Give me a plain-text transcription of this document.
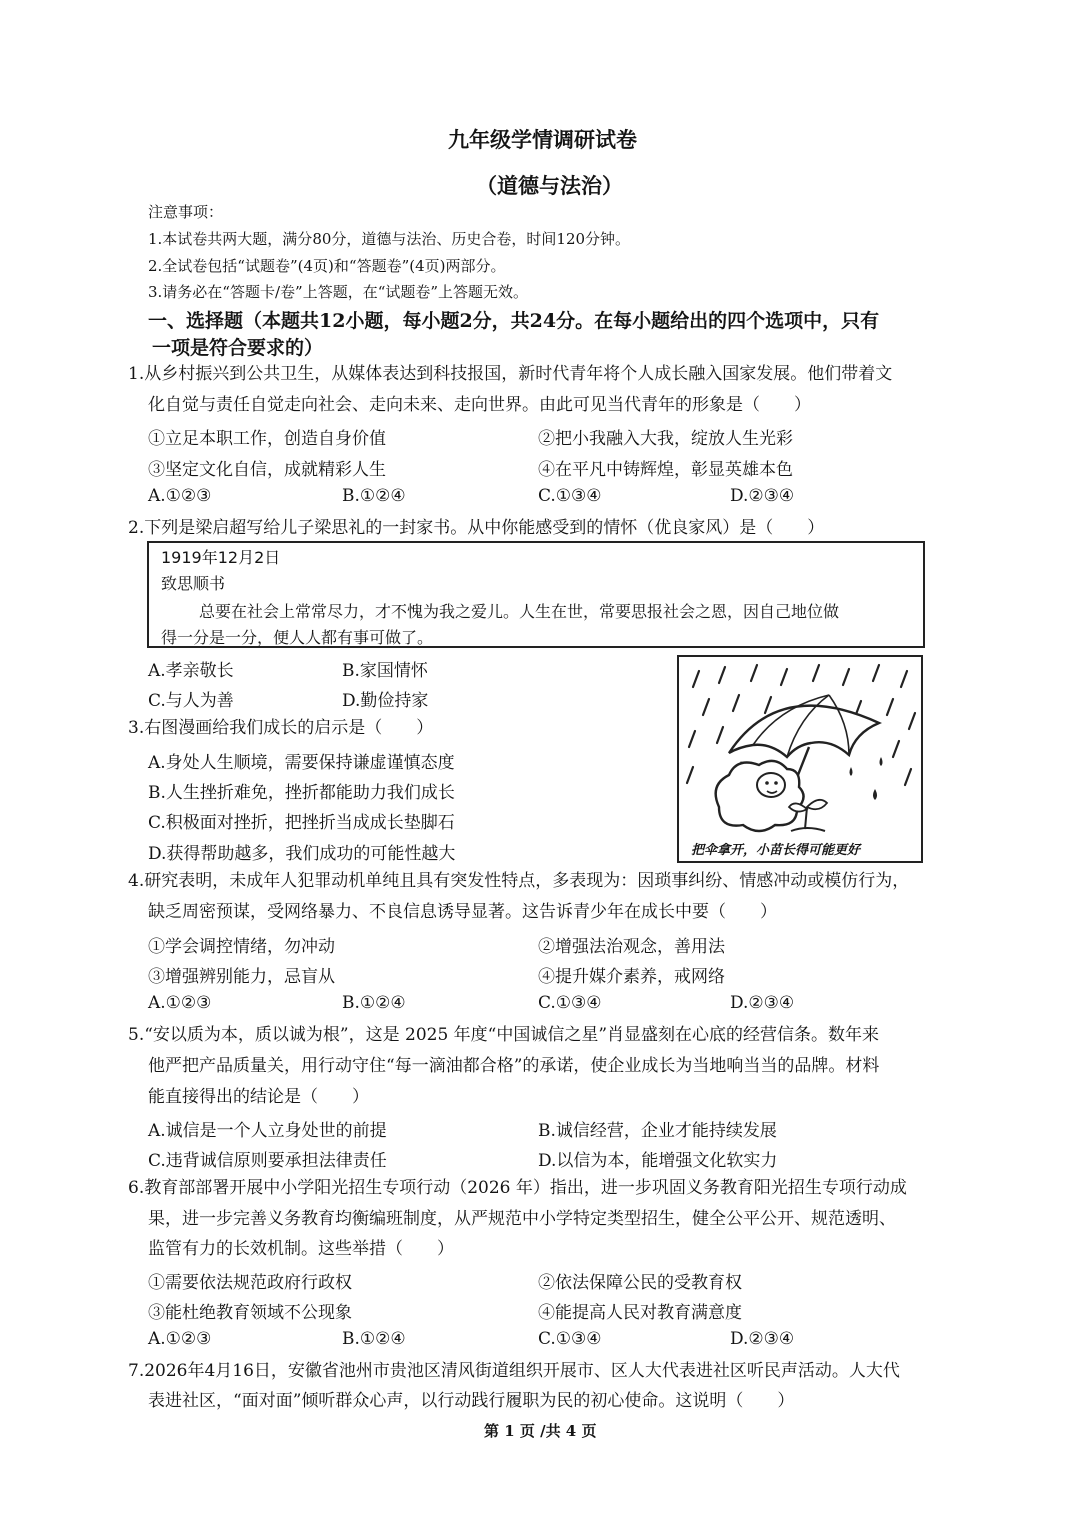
九年级学情调研试卷
（道德与法治）
注意事项：
1.本试卷共两大题，满分80分，道德与法治、历史合卷，时间120分钟。
2.全试卷包括“试题卷”(4页)和“答题卷”(4页)两部分。
3.请务必在“答题卡/卷”上答题，在“试题卷”上答题无效。
一、选择题（本题共12小题，每小题2分，共24分。在每小题给出的四个选项中，只有
一项是符合要求的）
1.从乡村振兴到公共卫生，从媒体表达到科技报国，新时代青年将个人成长融入国家发展。他们带着文
化自觉与责任自觉走向社会、走向未来、走向世界。由此可见当代青年的形象是（　　）
①立足本职工作，创造自身价值	②把小我融入大我，绽放人生光彩
③坚定文化自信，成就精彩人生	④在平凡中铸辉煌，彰显英雄本色
A.①②③	B.①②④	C.①③④	D.②③④
2.下列是梁启超写给儿子梁思礼的一封家书。从中你能感受到的情怀（优良家风）是（　　）
1919年12月2日
致思顺书
总要在社会上常常尽力，才不愧为我之爱儿。人生在世，常要思报社会之恩，因自己地位做
得一分是一分，便人人都有事可做了。
A.孝亲敬长	B.家国情怀
C.与人为善	D.勤俭持家
3.右图漫画给我们成长的启示是（　　）
A.身处人生顺境，需要保持谦虚谨慎态度
B.人生挫折难免，挫折都能助力我们成长
C.积极面对挫折，把挫折当成成长垫脚石
D.获得帮助越多，我们成功的可能性越大	把伞拿开，小苗长得可能更好
4.研究表明，未成年人犯罪动机单纯且具有突发性特点，多表现为：因琐事纠纷、情感冲动或模仿行为，
缺乏周密预谋，受网络暴力、不良信息诱导显著。这告诉青少年在成长中要（　　）
①学会调控情绪，勿冲动	②增强法治观念，善用法
③增强辨别能力，忌盲从	④提升媒介素养，戒网络
A.①②③	B.①②④	C.①③④	D.②③④
5.“安以质为本，质以诚为根”，这是 2025 年度“中国诚信之星”肖显盛刻在心底的经营信条。数年来
他严把产品质量关，用行动守住“每一滴油都合格”的承诺，使企业成长为当地响当当的品牌。材料
能直接得出的结论是（　　）
A.诚信是一个人立身处世的前提	B.诚信经营，企业才能持续发展
C.违背诚信原则要承担法律责任	D.以信为本，能增强文化软实力
6.教育部部署开展中小学阳光招生专项行动（2026 年）指出，进一步巩固义务教育阳光招生专项行动成
果，进一步完善义务教育均衡编班制度，从严规范中小学特定类型招生，健全公平公开、规范透明、
监管有力的长效机制。这些举措（　　）
①需要依法规范政府行政权	②依法保障公民的受教育权
③能杜绝教育领域不公现象	④能提高人民对教育满意度
A.①②③	B.①②④	C.①③④	D.②③④
7.2026年4月16日，安徽省池州市贵池区清风街道组织开展市、区人大代表进社区听民声活动。人大代
表进社区，“面对面”倾听群众心声，以行动践行履职为民的初心使命。这说明（　　）
第 1 页 /共 4 页
